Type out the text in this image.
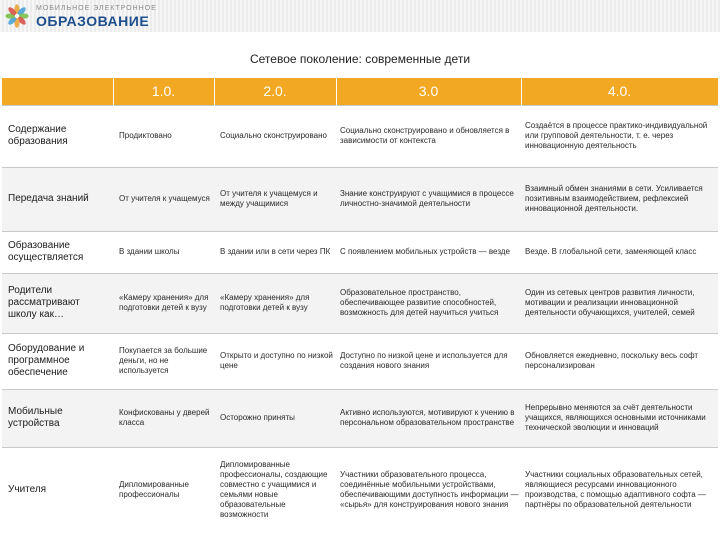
МОБИЛЬНОЕ ЭЛЕКТРОННОЕ
ОБРАЗОВАНИЕ
Сетевое поколение: современные дети
	1.0.	2.0.	3.0	4.0.
Содержание образования	Продиктовано	Социально сконструировано	Социально сконструировано и обновляется в зависимости от контекста	Создаётся в процессе практико-индивидуальной или групповой деятельности, т. е. через инновационную деятельность
Передача знаний	От учителя к учащемуся	От учителя к учащемуся и между учащимися	Знание конструируют с учащимися в процессе личностно-значимой деятельности	Взаимный обмен знаниями в сети. Усиливается позитивным взаимодействием, рефлексией инновационной деятельности.
Образование осуществляется	В здании школы	В здании или в сети через ПК	С появлением мобильных устройств — везде	Везде. В глобальной сети, заменяющей класс
Родители рассматривают школу как…	«Камеру хранения» для подготовки детей к вузу	«Камеру хранения» для подготовки детей к вузу	Образовательное пространство, обеспечивающее развитие способностей, возможность для детей научиться учиться	Один из сетевых центров развития личности, мотивации и реализации инновационной деятельности обучающихся, учителей, семей
Оборудование и программное обеспечение	Покупается за большие деньги, но не используется	Открыто и доступно по низкой цене	Доступно по низкой цене и используется для создания нового знания	Обновляется ежедневно, поскольку весь софт персонализирован
Мобильные устройства	Конфискованы у дверей класса	Осторожно приняты	Активно используются, мотивируют к учению в персональном образовательном пространстве	Непрерывно меняются за счёт деятельности учащихся, являющихся основными источниками технической эволюции и инноваций
Учителя	Дипломированные профессионалы	Дипломированные профессионалы, создающие совместно с учащимися и семьями новые образовательные возможности	Участники образовательного процесса, соединённые мобильными устройствами, обеспечивающими доступность информации — «сырья» для конструирования нового знания	Участники социальных образовательных сетей, являющиеся ресурсами инновационного производства, с помощью адаптивного софта — партнёры по образовательной деятельности
